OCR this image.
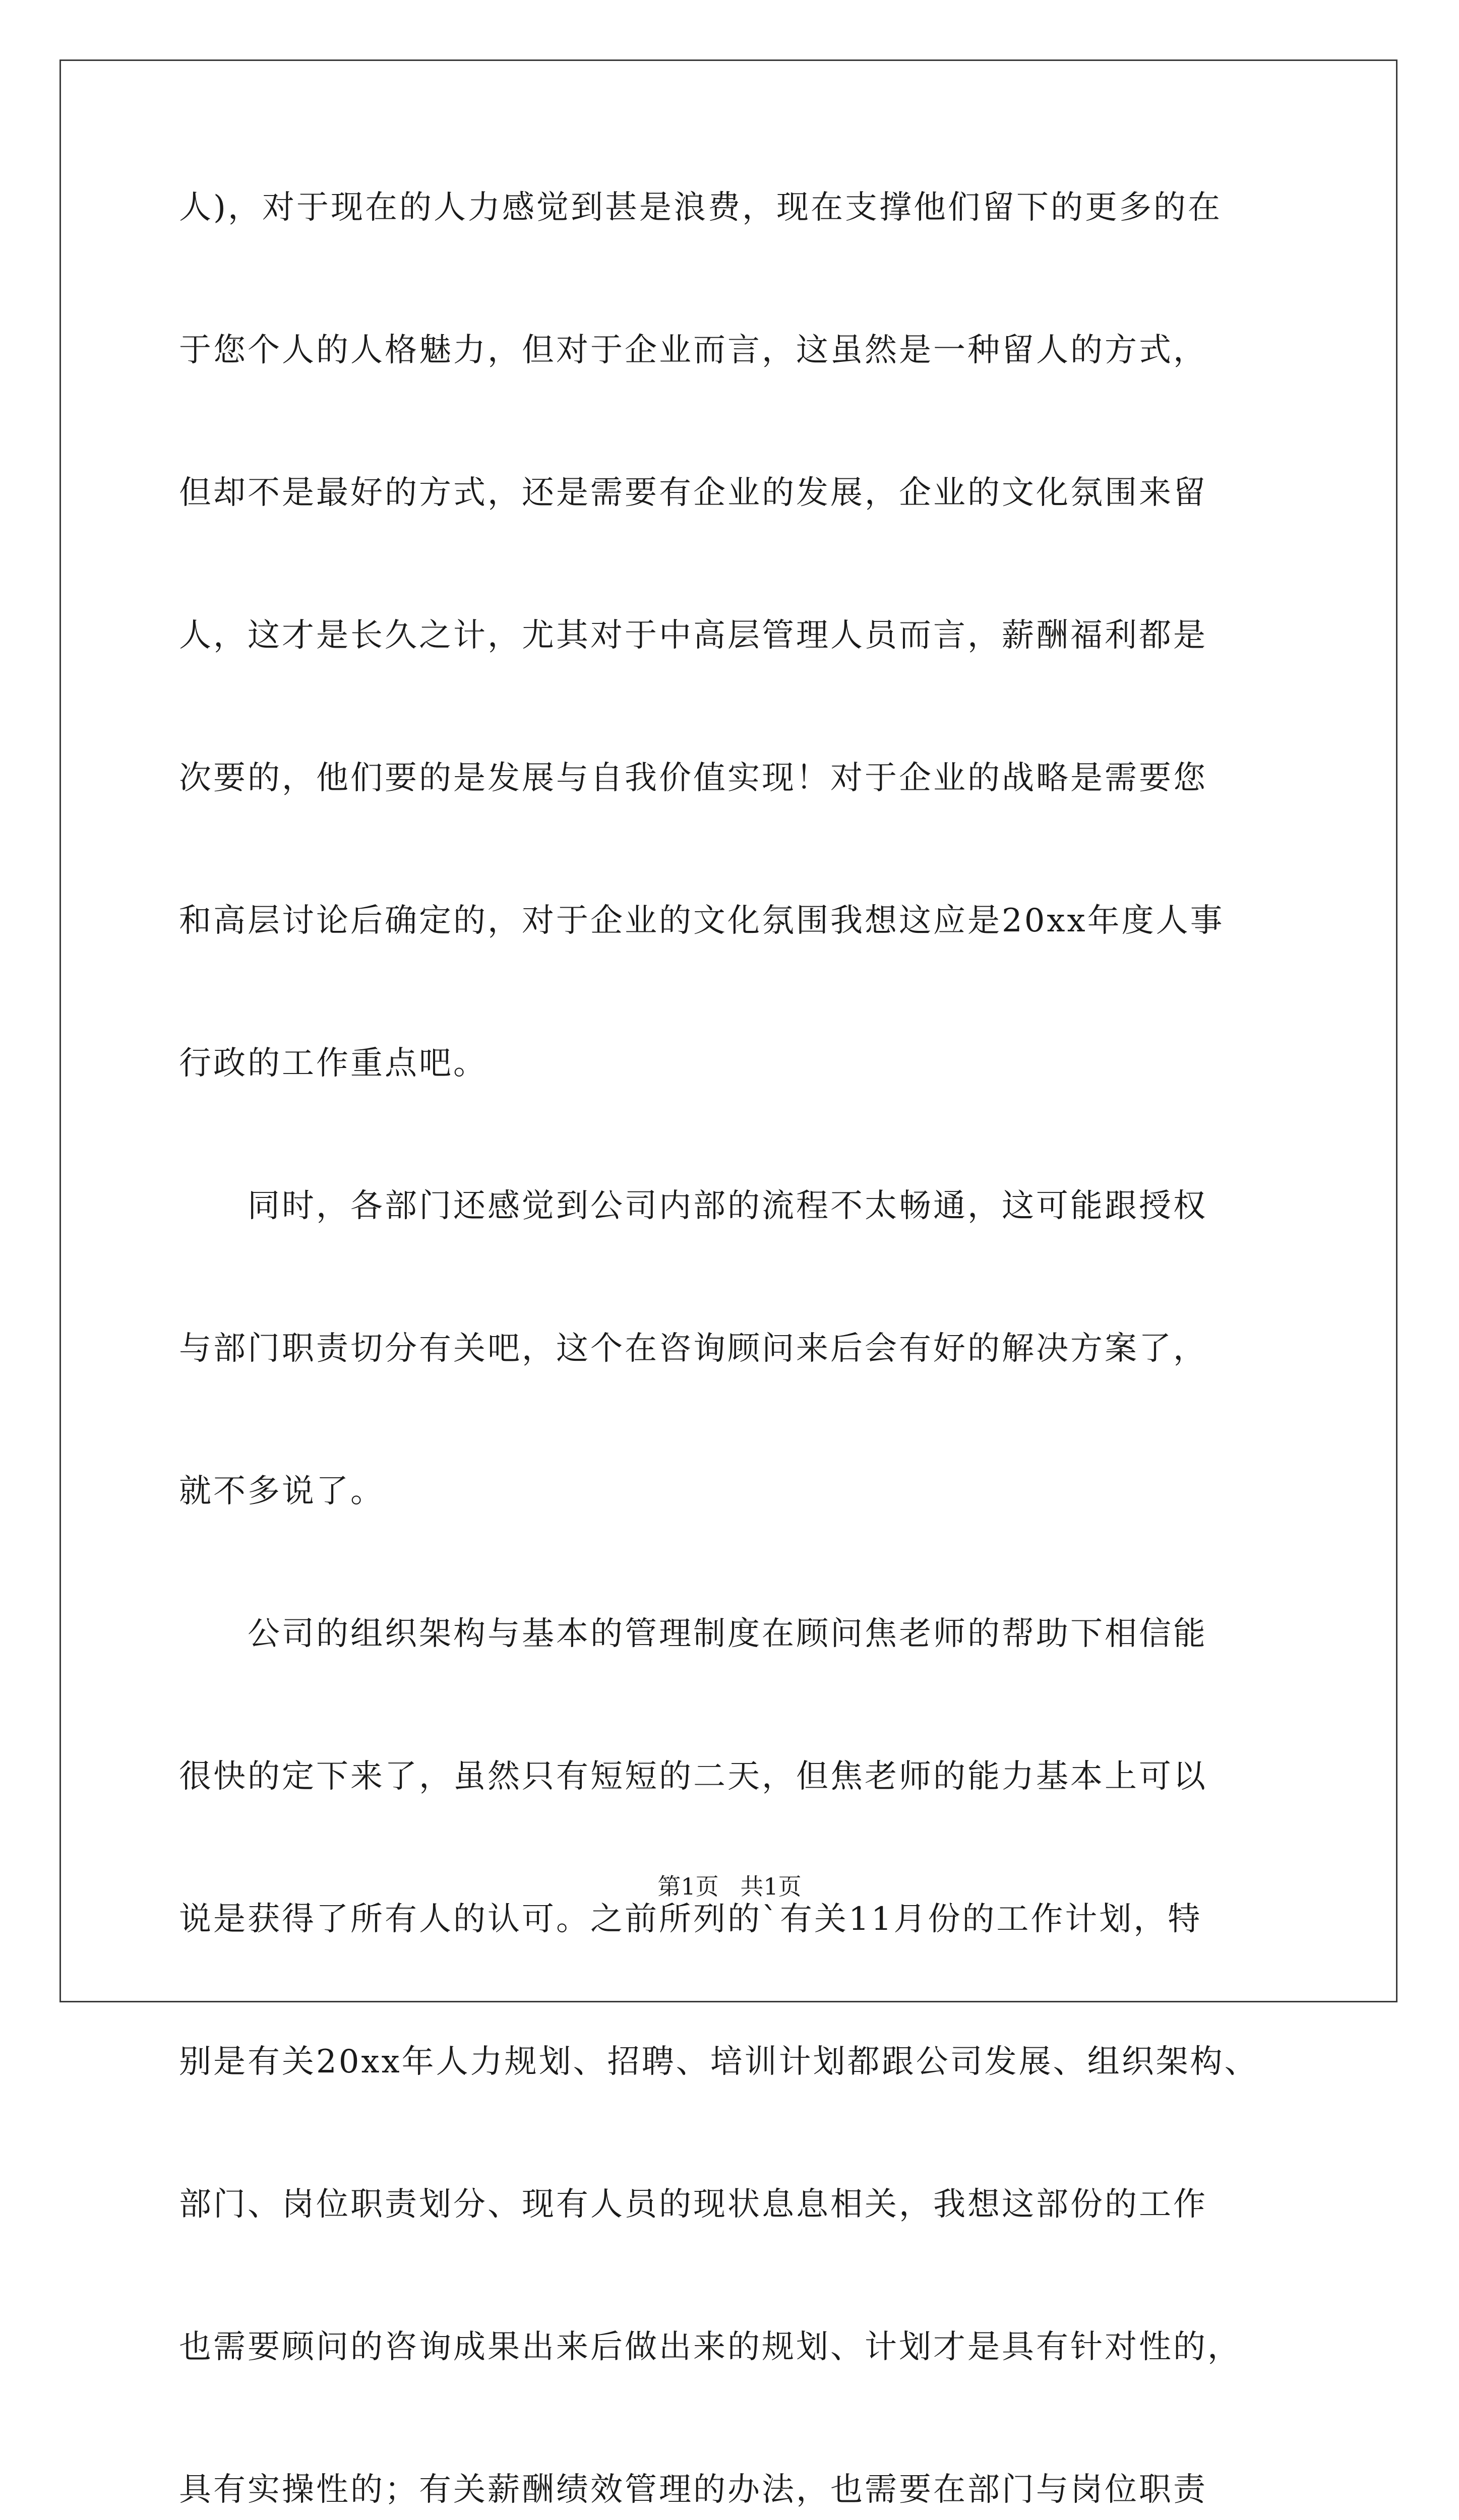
人)，对于现在的人力感觉到甚是浪费，现在支撑他们留下的更多的在
于您个人的人格魅力，但对于企业而言，这虽然是一种留人的方式，
但却不是最好的方式，还是需要有企业的发展，企业的文化氛围来留
人，这才是长久之计，尤其对于中高层管理人员而言，薪酬福利都是
次要的，他们要的是发展与自我价值实现！对于企业的战略是需要您
和高层讨论后确定的，对于企业的文化氛围我想这应是20xx年度人事
行政的工作重点吧。
　　同时，各部门还感觉到公司内部的流程不太畅通，这可能跟授权
与部门职责切分有关吧，这个在咨询顾问来后会有好的解决方案了，
就不多说了。
　　公司的组织架构与基本的管理制度在顾问焦老师的帮助下相信能
很快的定下来了，虽然只有短短的二天，但焦老师的能力基本上可以
说是获得了所有人的认可。之前所列的`有关11月份的工作计划，特
别是有关20xx年人力规划、招聘、培训计划都跟公司发展、组织架构、
部门、岗位职责划分、现有人员的现状息息相关，我想这部份的工作
也需要顾问的咨询成果出来后做出来的规划、计划才是具有针对性的，
具有实操性的；有关薪酬绩效管理的办法，也需要在部门与岗位职责
第1页 共1页
